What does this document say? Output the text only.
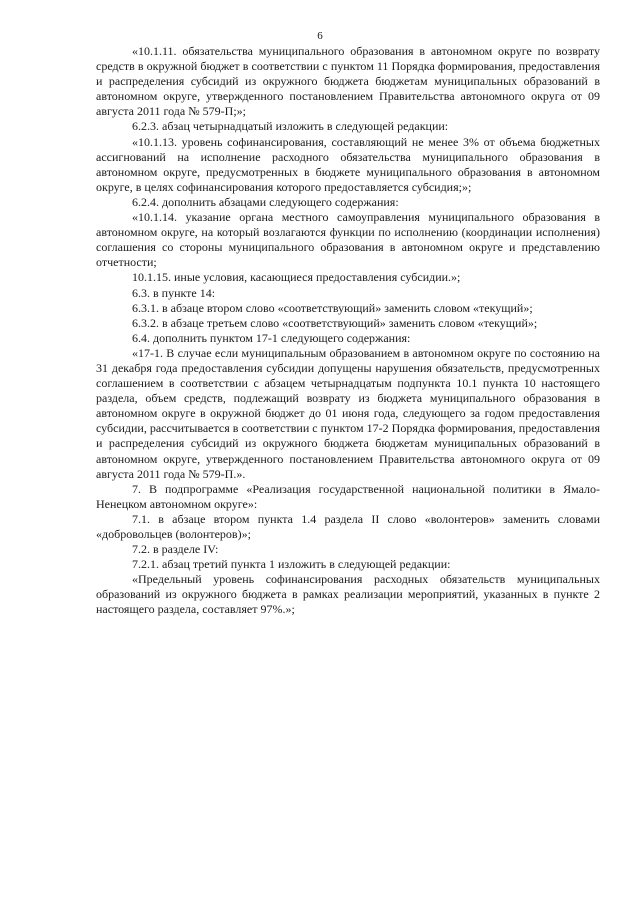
6

«10.1.11. обязательства муниципального образования в автономном округе по возврату средств в окружной бюджет в соответствии с пунктом 11 Порядка формирования, предоставления и распределения субсидий из окружного бюджета бюджетам муниципальных образований в автономном округе, утвержденного постановлением Правительства автономного округа от 09 августа 2011 года № 579-П;»;

6.2.3. абзац четырнадцатый изложить в следующей редакции:

«10.1.13. уровень софинансирования, составляющий не менее 3% от объема бюджетных ассигнований на исполнение расходного обязательства муниципального образования в автономном округе, предусмотренных в бюджете муниципального образования в автономном округе, в целях софинансирования которого предоставляется субсидия;»;

6.2.4. дополнить абзацами следующего содержания:

«10.1.14. указание органа местного самоуправления муниципального образования в автономном округе, на который возлагаются функции по исполнению (координации исполнения) соглашения со стороны муниципального образования в автономном округе и представлению отчетности;

10.1.15. иные условия, касающиеся предоставления субсидии.»;

6.3. в пункте 14:

6.3.1. в абзаце втором слово «соответствующий» заменить словом «текущий»;

6.3.2. в абзаце третьем слово «соответствующий» заменить словом «текущий»;

6.4. дополнить пунктом 17-1 следующего содержания:

«17-1. В случае если муниципальным образованием в автономном округе по состоянию на 31 декабря года предоставления субсидии допущены нарушения обязательств, предусмотренных соглашением в соответствии с абзацем четырнадцатым подпункта 10.1 пункта 10 настоящего раздела, объем средств, подлежащий возврату из бюджета муниципального образования в автономном округе в окружной бюджет до 01 июня года, следующего за годом предоставления субсидии, рассчитывается в соответствии с пунктом 17-2 Порядка формирования, предоставления и распределения субсидий из окружного бюджета бюджетам муниципальных образований в автономном округе, утвержденного постановлением Правительства автономного округа от 09 августа 2011 года № 579-П.».

7. В подпрограмме «Реализация государственной национальной политики в Ямало-Ненецком автономном округе»:

7.1. в абзаце втором пункта 1.4 раздела II слово «волонтеров» заменить словами «добровольцев (волонтеров)»;

7.2. в разделе IV:

7.2.1. абзац третий пункта 1 изложить в следующей редакции:

«Предельный уровень софинансирования расходных обязательств муниципальных образований из окружного бюджета в рамках реализации мероприятий, указанных в пункте 2 настоящего раздела, составляет 97%.»;
